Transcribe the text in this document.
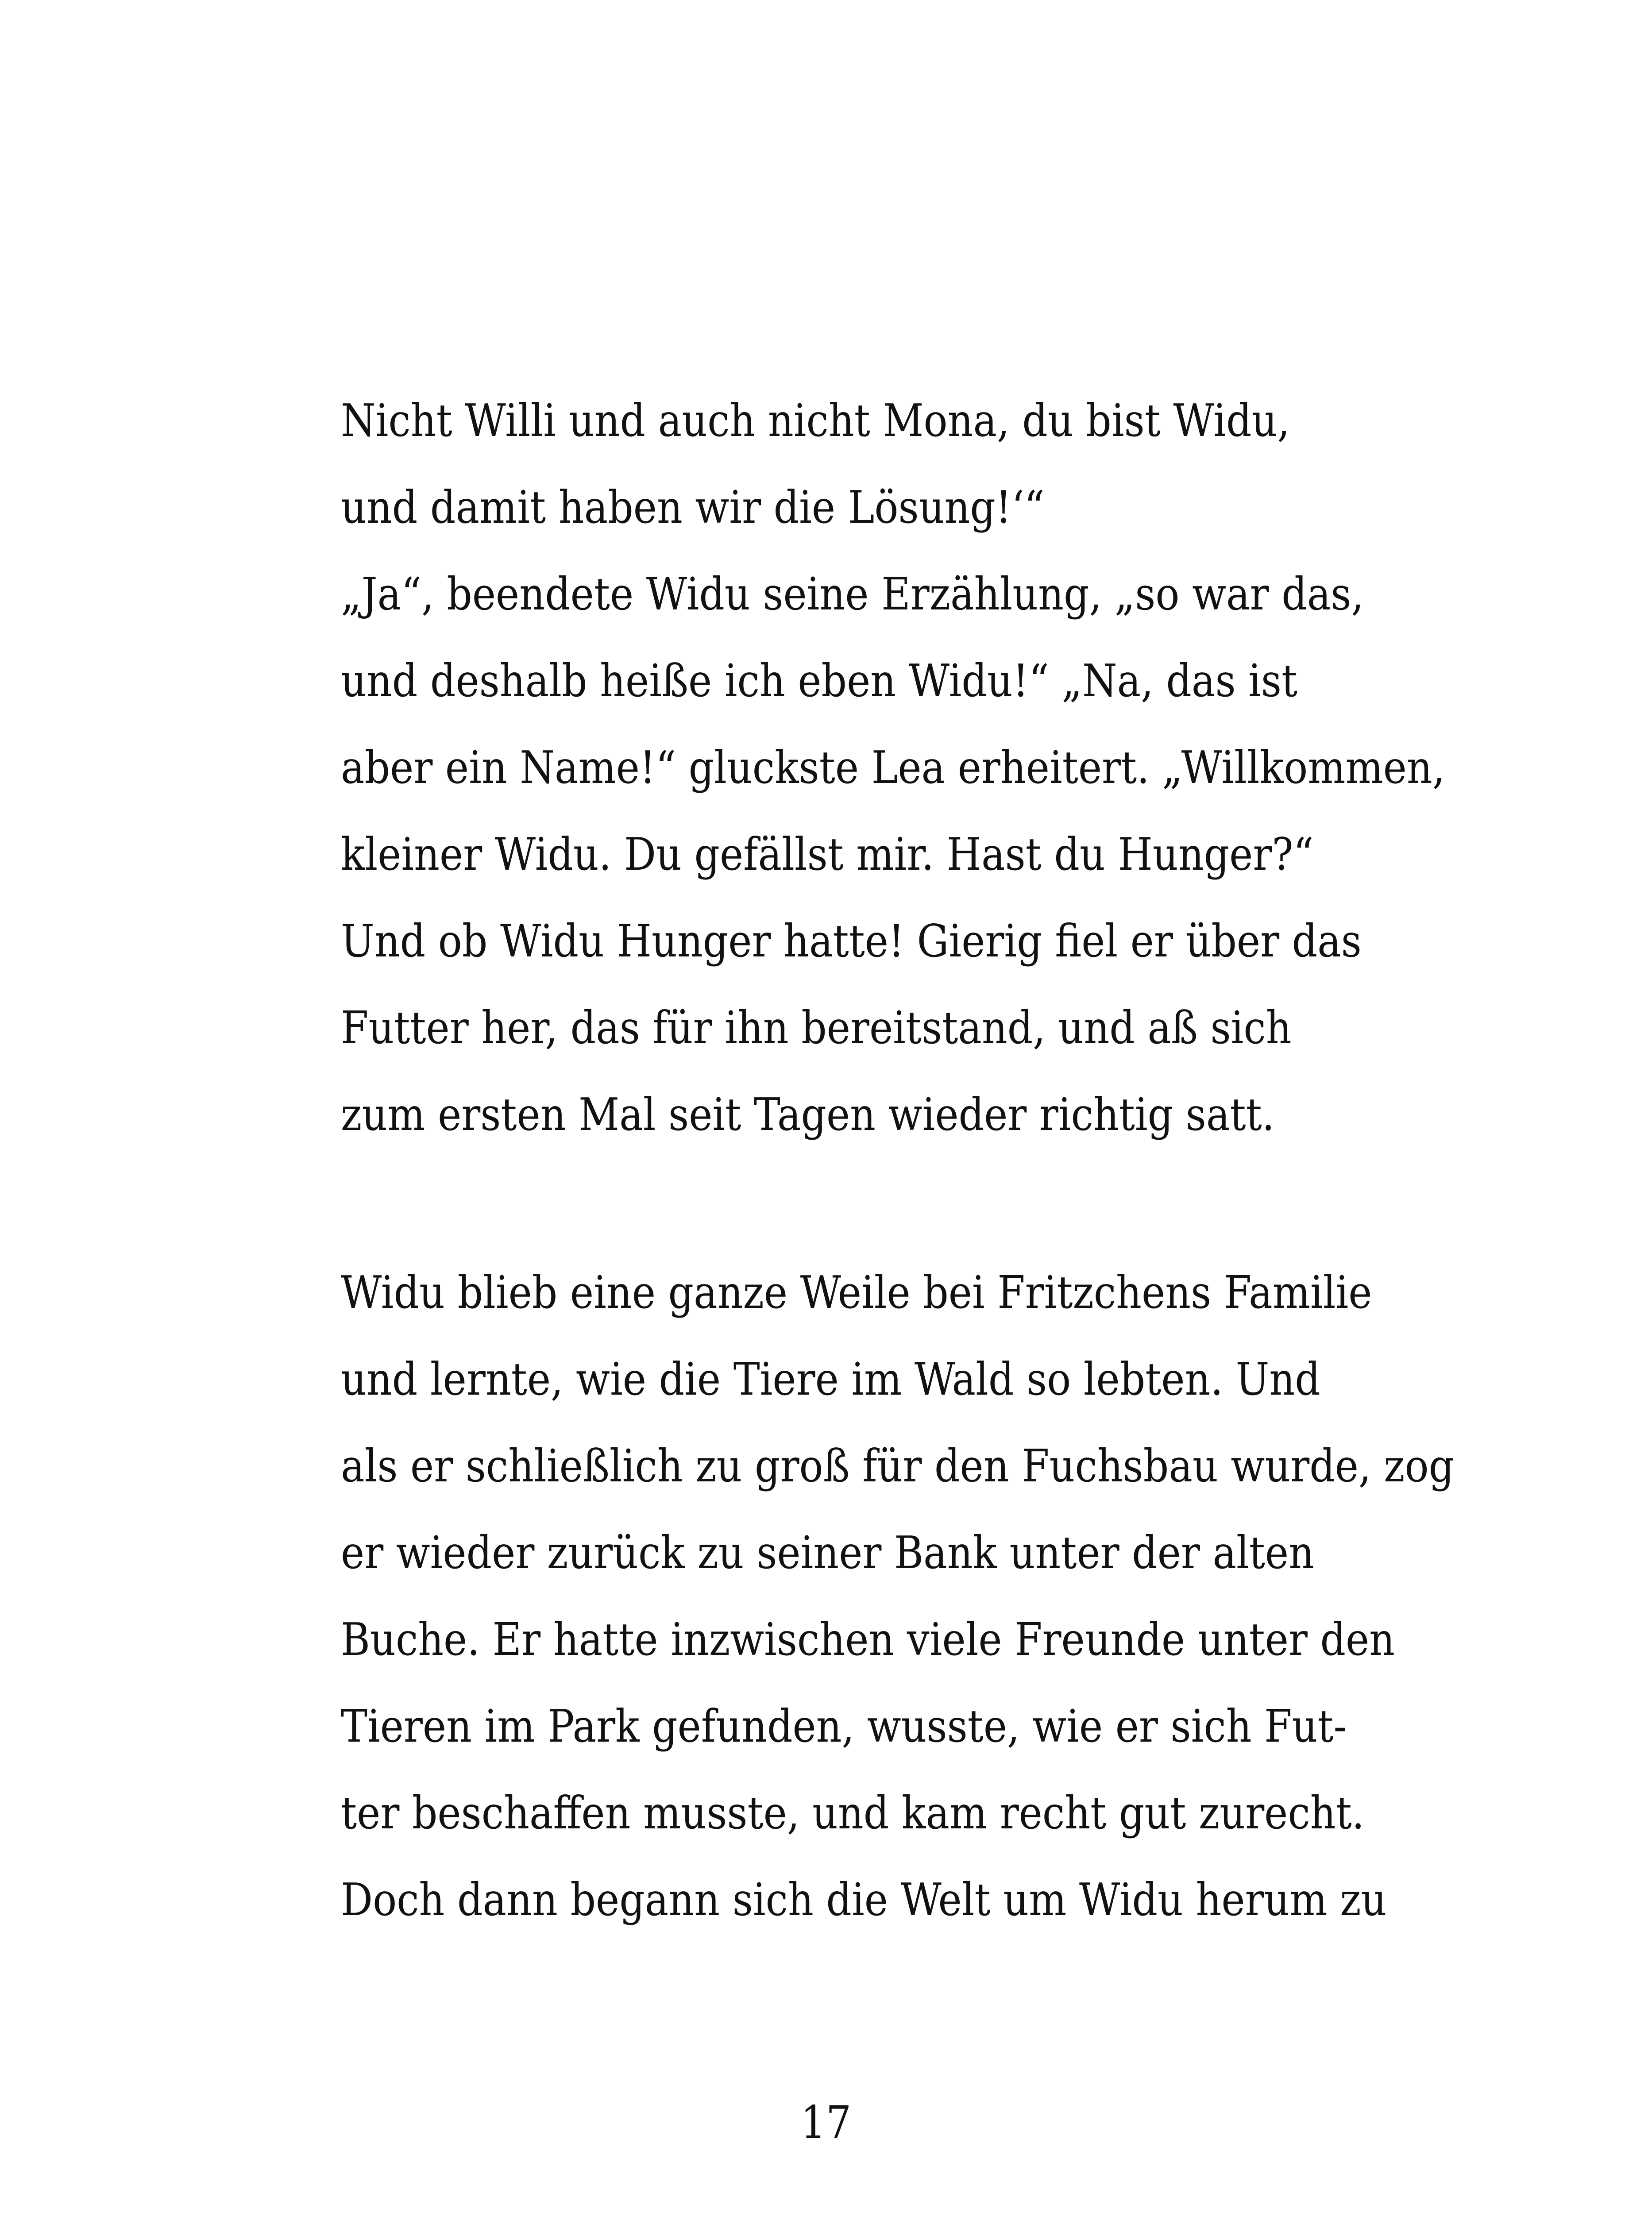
Nicht Willi und auch nicht Mona, du bist Widu,
und damit haben wir die Lösung!‘“
„Ja“, beendete Widu seine Erzählung, „so war das,
und deshalb heiße ich eben Widu!“ „Na, das ist
aber ein Name!“ gluckste Lea erheitert. „Willkommen,
kleiner Widu. Du gefällst mir. Hast du Hunger?“
Und ob Widu Hunger hatte! Gierig fiel er über das
Futter her, das für ihn bereitstand, und aß sich
zum ersten Mal seit Tagen wieder richtig satt.
Widu blieb eine ganze Weile bei Fritzchens Familie
und lernte, wie die Tiere im Wald so lebten. Und
als er schließlich zu groß für den Fuchsbau wurde, zog
er wieder zurück zu seiner Bank unter der alten
Buche. Er hatte inzwischen viele Freunde unter den
Tieren im Park gefunden, wusste, wie er sich Fut-
ter beschaffen musste, und kam recht gut zurecht.
Doch dann begann sich die Welt um Widu herum zu
17
